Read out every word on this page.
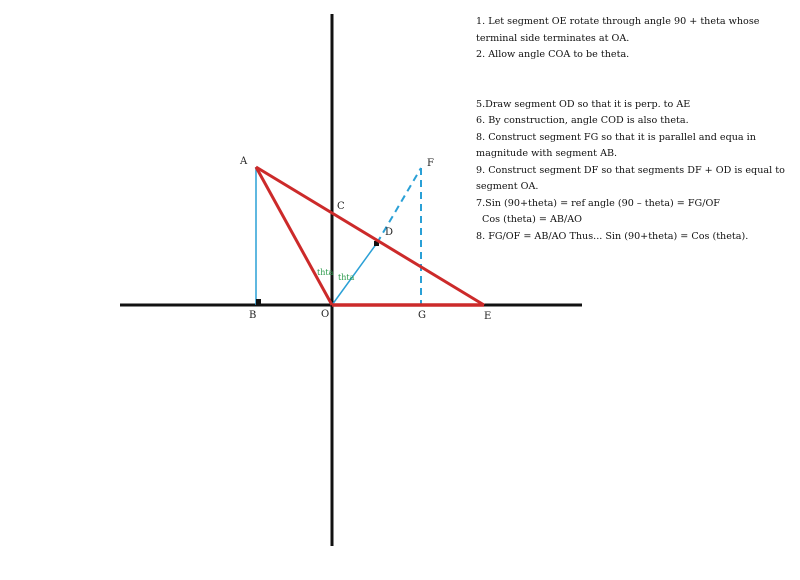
A
B
C
D
E
F
G
O
thta
thta
1. Let segment OE rotate through angle 90 + theta whose terminal side terminates at OA.
2. Allow angle COA to be theta.
5.Draw segment OD so that it is perp. to AE
6. By construction, angle COD is also theta.
8. Construct segment FG so that it is parallel and equa in magnitude with segment AB.
9. Construct segment DF so that segments DF + OD is equal to segment OA.
7.Sin (90+theta) = ref angle (90 – theta) = FG/OF
Cos (theta) = AB/AO
8. FG/OF = AB/AO Thus... Sin (90+theta) = Cos (theta).
